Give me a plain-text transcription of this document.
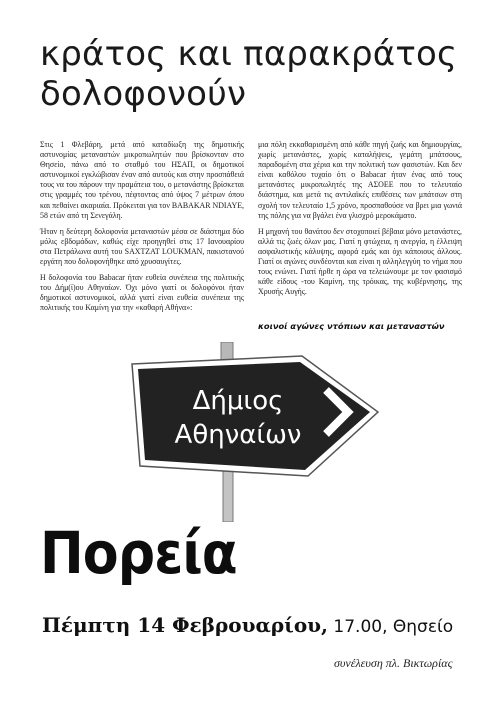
κράτος και παρακράτος
δολοφονούν

Στις 1 Φλεβάρη, μετά από καταδίωξη της δημοτικής αστυνομίας μεταναστών μικροπωλητών που βρίσκονταν στο Θησείο, πάνω από το σταθμό του ΗΣΑΠ, οι δημοτικοί αστυνομικοί εγκλώβισαν έναν από αυτούς και στην προσπάθειά τους να του πάρουν την πραμάτεια του, ο μετανάστης βρίσκεται στις γραμμές του τρένου, πέφτοντας από ύψος 7 μέτρων όπου και πεθαίνει ακαριαία. Πρόκειται για τον BABAKAR NDIAYE, 58 ετών από τη Σενεγάλη.

Ήταν η δεύτερη δολοφονία μεταναστών μέσα σε διάστημα δύο μόλις εβδομάδων, καθώς είχε προηγηθεί στις 17 Ιανουαρίου στα Πετράλωνα αυτή του SAXTZAT LOUKMAN, πακιστανού εργάτη που δολοφονήθηκε από χρυσαυγίτες.

Η δολοφονία του Babacar ήταν ευθεία συνέπεια της πολιτικής του Δήμ(ί)ου Αθηναίων. Όχι μόνο γιατί οι δολοφόνοι ήταν δημοτικοί αστυνομικοί, αλλά γιατί είναι ευθεία συνέπεια της πολιτικής του Καμίνη για την «καθαρή Αθήνα»:

μια πόλη εκκαθαρισμένη από κάθε πηγή ζωής και δημιουργίας, χωρίς μετανάστες, χωρίς καταλήψεις, γεμάτη μπάτσους, παραδομένη στα χέρια και την πολιτική των φασιστών. Και δεν είναι καθόλου τυχαίο ότι ο Babacar ήταν ένας από τους μετανάστες μικροπωλητές της ΑΣΟΕΕ που το τελευταίο διάστημα, και μετά τις αντιλαϊκές επιθέσεις των μπάτσων στη σχολή τον τελευταίο 1,5 χρόνο, προσπαθούσε να βρει μια γωνιά της πόλης για να βγάλει ένα γλισχρό μεροκάματο.

Η μηχανή του θανάτου δεν στοχοποιεί βέβαια μόνο μετανάστες, αλλά τις ζωές όλων μας. Γιατί η φτώχεια, η ανεργία, η έλλειψη ασφαλιστικής κάλυψης, αφορά εμάς και όχι κάποιους άλλους. Γιατί οι αγώνες συνδέονται και είναι η αλληλεγγύη το νήμα που τους ενώνει. Γιατί ήρθε η ώρα να τελειώνουμε με τον φασισμό κάθε είδους -του Καμίνη, της τρόικας, της κυβέρνησης, της Χρυσής Αυγής.

κοινοί αγώνες ντόπιων και μεταναστών
Δήμιος
Αθηναίων
Πορεία
Πέμπτη 14 Φεβρουαρίου, 17.00, Θησείο
συνέλευση πλ. Βικτωρίας
